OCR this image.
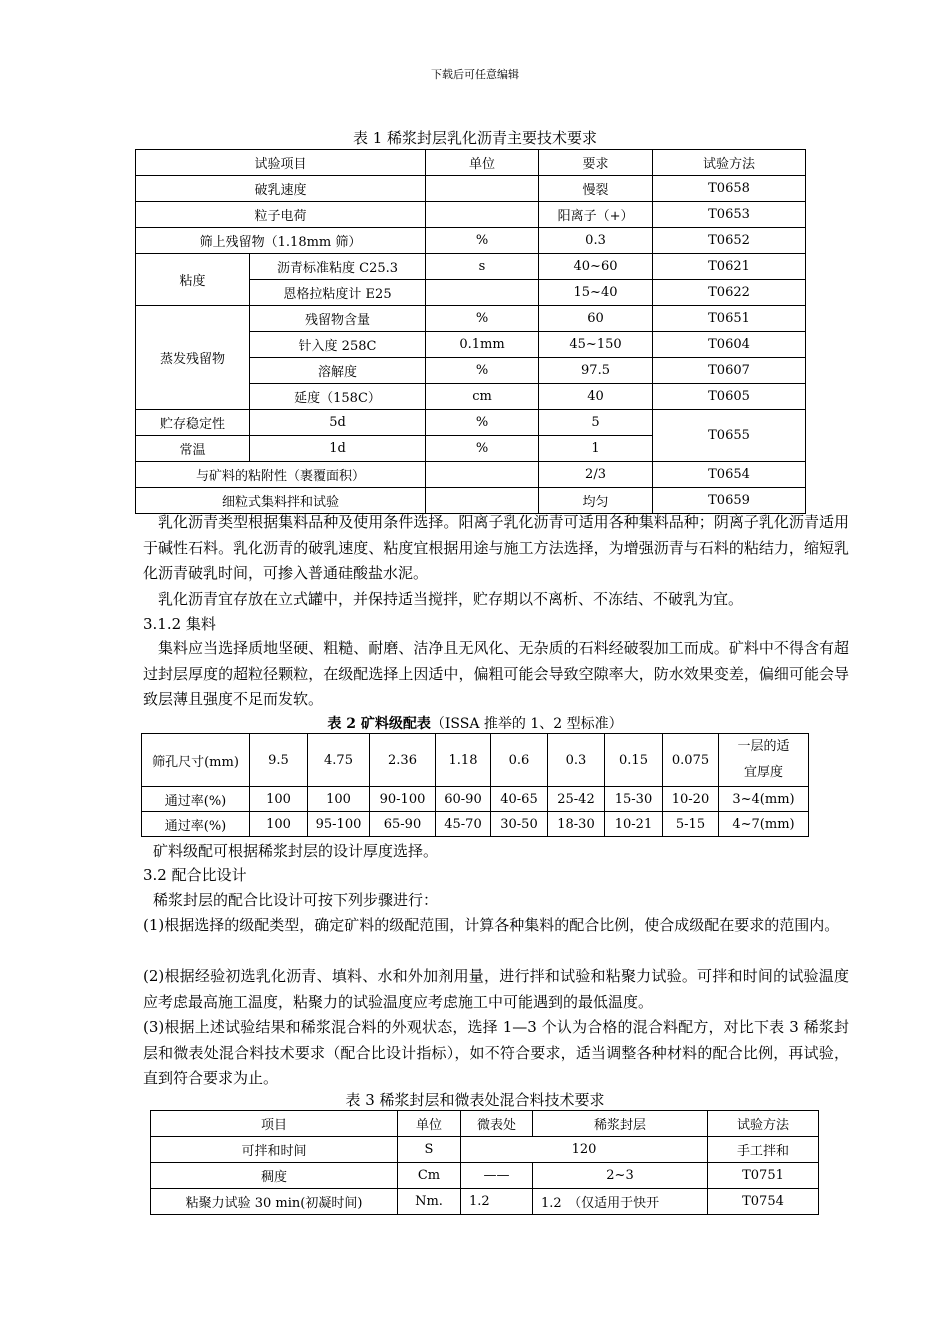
下载后可任意编辑
表 1 稀浆封层乳化沥青主要技术要求
试验项目		单位	要求	试验方法
破乳速度			慢裂	T0658
粒子电荷			阳离子（+）	T0653
筛上残留物（1.18mm 筛）		%	0.3	T0652
粘度	沥青标准粘度 C25.3	s	40~60	T0621
	恩格拉粘度计 E25		15~40	T0622
蒸发残留物	残留物含量	%	60	T0651
	针入度 258C	0.1mm	45~150	T0604
	溶解度	%	97.5	T0607
	延度（158C）	cm	40	T0605
贮存稳定性	5d	%	5	T0655
常温	1d	%	1	
与矿料的粘附性（裹覆面积）			2/3	T0654
细粒式集料拌和试验			均匀	T0659
乳化沥青类型根据集料品种及使用条件选择。阳离子乳化沥青可适用各种集料品种；阴离子乳化沥青适用于碱性石料。乳化沥青的破乳速度、粘度宜根据用途与施工方法选择，为增强沥青与石料的粘结力，缩短乳化沥青破乳时间，可掺入普通硅酸盐水泥。
乳化沥青宜存放在立式罐中，并保持适当搅拌，贮存期以不离析、不冻结、不破乳为宜。
3.1.2 集料
集料应当选择质地坚硬、粗糙、耐磨、洁净且无风化、无杂质的石料经破裂加工而成。矿料中不得含有超过封层厚度的超粒径颗粒，在级配选择上因适中，偏粗可能会导致空隙率大，防水效果变差，偏细可能会导致层薄且强度不足而发软。
表 2 矿料级配表（ISSA 推举的 1、2 型标准）
筛孔尺寸(mm)	9.5	4.75	2.36	1.18	0.6	0.3	0.15	0.075	一层的适
宜厚度

通过率(%)	100	100	90-100	60-90	40-65	25-42	15-30	10-20	3~4(mm)
通过率(%)	100	95-100	65-90	45-70	30-50	18-30	10-21	5-15	4~7(mm)
矿料级配可根据稀浆封层的设计厚度选择。
3.2 配合比设计
稀浆封层的配合比设计可按下列步骤进行：
(1)根据选择的级配类型，确定矿料的级配范围，计算各种集料的配合比例，使合成级配在要求的范围内。
(2)根据经验初选乳化沥青、填料、水和外加剂用量，进行拌和试验和粘聚力试验。可拌和时间的试验温度应考虑最高施工温度，粘聚力的试验温度应考虑施工中可能遇到的最低温度。
(3)根据上述试验结果和稀浆混合料的外观状态，选择 1—3 个认为合格的混合料配方，对比下表 3 稀浆封层和微表处混合料技术要求（配合比设计指标），如不符合要求，适当调整各种材料的配合比例，再试验，直到符合要求为止。
表 3 稀浆封层和微表处混合料技术要求
项目	单位	微表处	稀浆封层	试验方法
可拌和时间	S	120		手工拌和
稠度	Cm	——	2~3	T0751
粘聚力试验 30 min(初凝时间)	Nm.	1.2	1.2　（仅适用于快开	T0754
